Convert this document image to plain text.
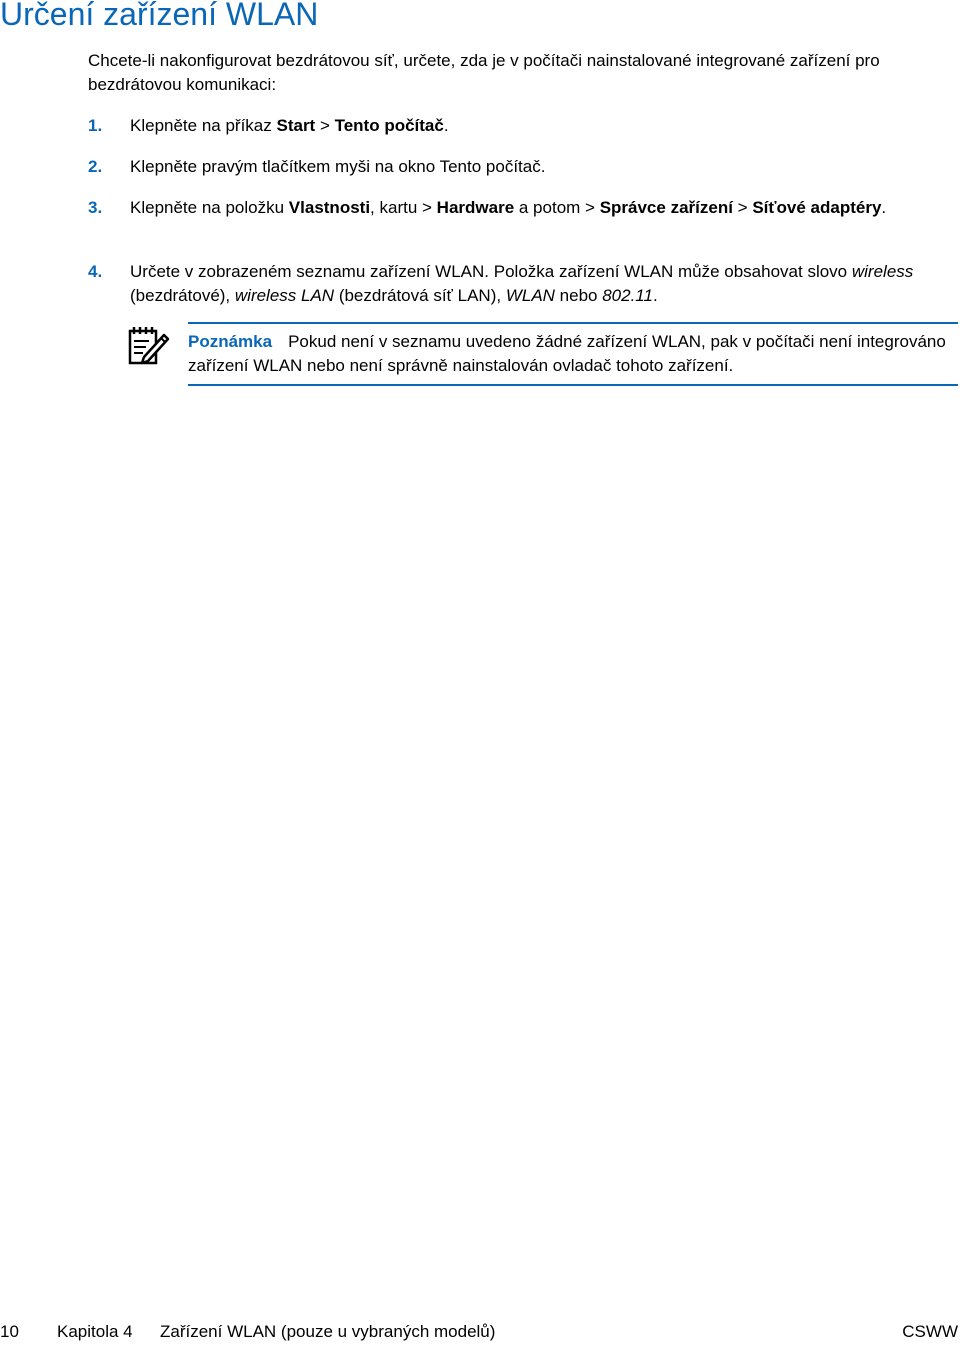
Určení zařízení WLAN

Chcete-li nakonfigurovat bezdrátovou síť, určete, zda je v počítači nainstalované integrované zařízení pro bezdrátovou komunikaci:

1. Klepněte na příkaz Start > Tento počítač.
2. Klepněte pravým tlačítkem myši na okno Tento počítač.
3. Klepněte na položku Vlastnosti, kartu > Hardware a potom > Správce zařízení > Síťové adaptéry.
4. Určete v zobrazeném seznamu zařízení WLAN. Položka zařízení WLAN může obsahovat slovo wireless (bezdrátové), wireless LAN (bezdrátová síť LAN), WLAN nebo 802.11.
Poznámka Pokud není v seznamu uvedeno žádné zařízení WLAN, pak v počítači není integrováno zařízení WLAN nebo není správně nainstalován ovladač tohoto zařízení.
10 Kapitola 4 Zařízení WLAN (pouze u vybraných modelů)	CSWW
